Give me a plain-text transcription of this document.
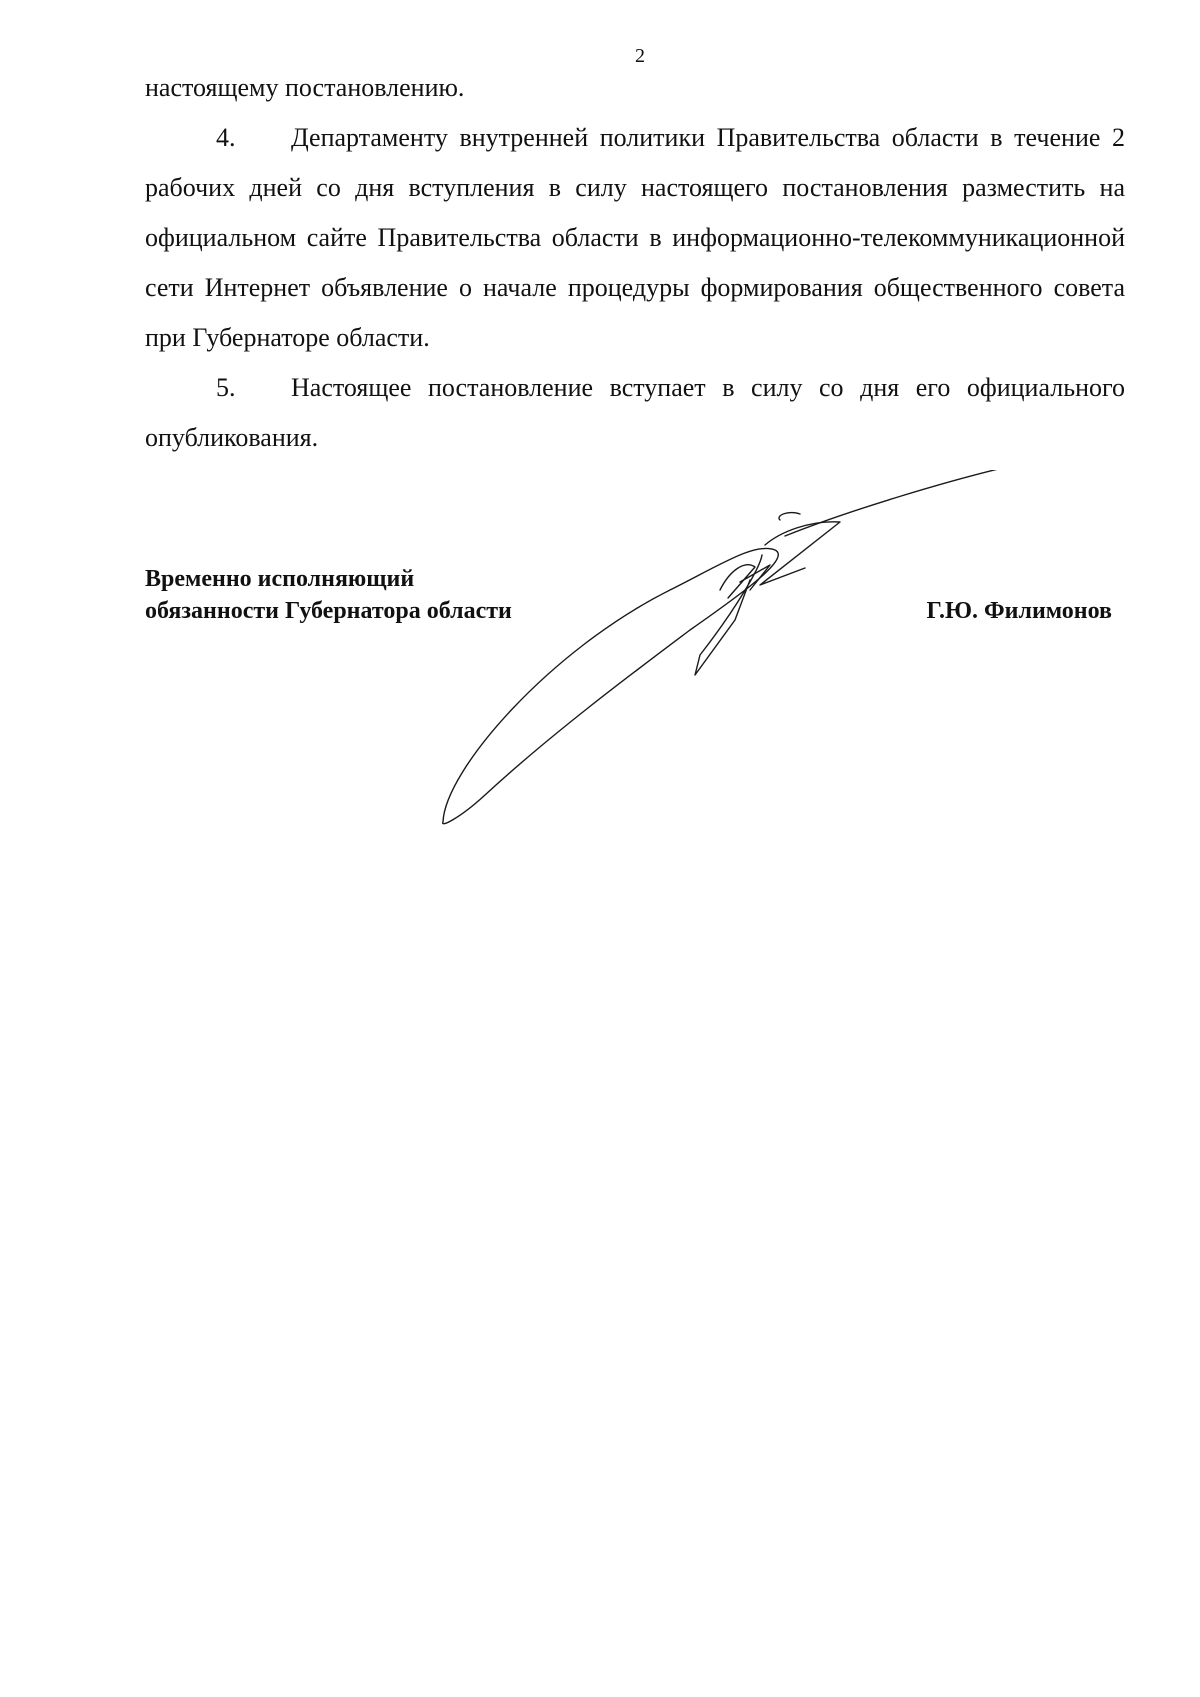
2

настоящему постановлению.

4. Департаменту внутренней политики Правительства области в течение 2 рабочих дней со дня вступления в силу настоящего постановления разместить на официальном сайте Правительства области в информационно-телекоммуникационной сети Интернет объявление о начале процедуры формирования общественного совета при Губернаторе области.

5. Настоящее постановление вступает в силу со дня его официального опубликования.

Временно исполняющий
обязанности Губернатора области	Г.Ю. Филимонов
